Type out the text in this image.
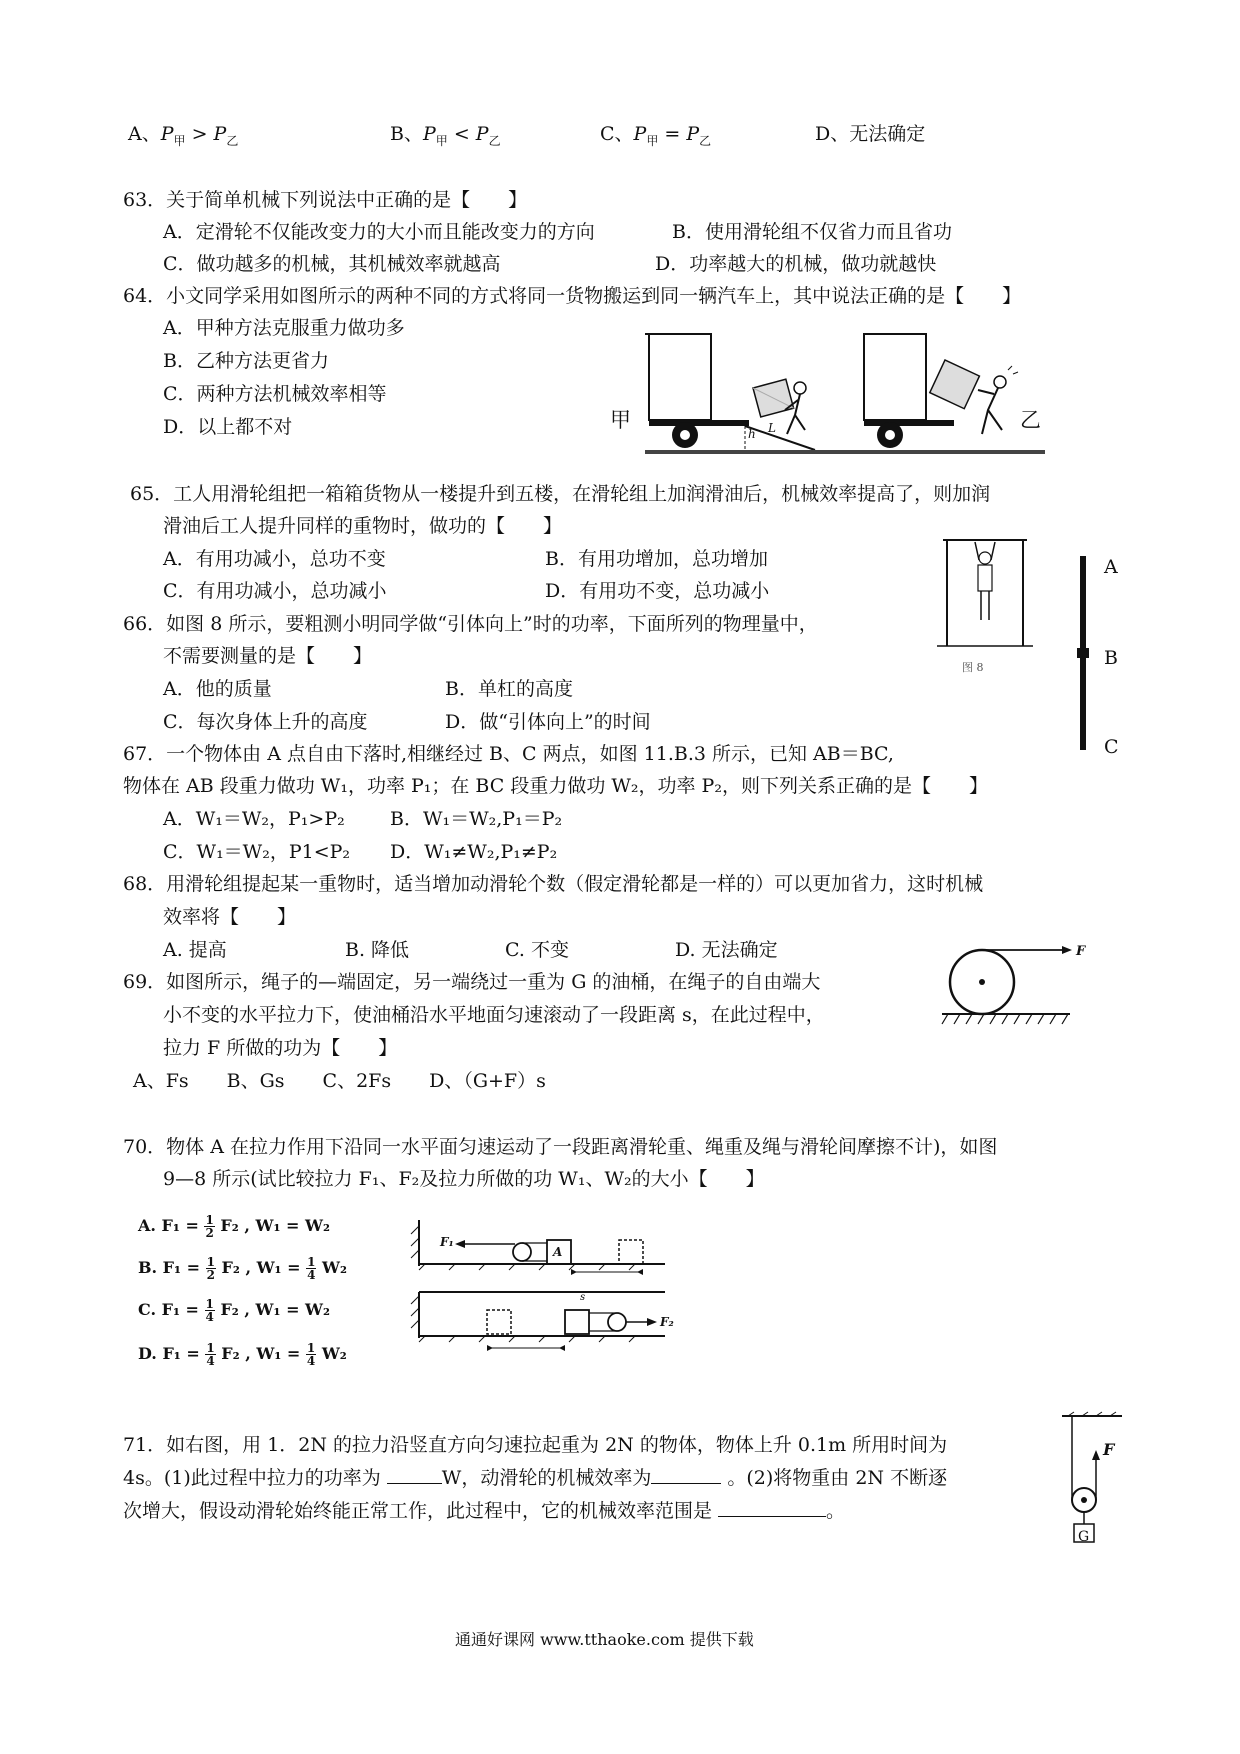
A、$P_甲 > P_乙$	B、$P_甲 < P_乙$	C、$P_甲 = P_乙$	D、无法确定
63．关于简单机械下列说法中正确的是【　　】
A．定滑轮不仅能改变力的大小而且能改变力的方向	B．使用滑轮组不仅省力而且省功
C．做功越多的机械，其机械效率就越高	D．功率越大的机械，做功就越快
64．小文同学采用如图所示的两种不同的方式将同一货物搬运到同一辆汽车上，其中说法正确的是【　　】
A．甲种方法克服重力做功多
B．乙种方法更省力
C．两种方法机械效率相等
D．以上都不对	甲	乙
h L
65．工人用滑轮组把一箱箱货物从一楼提升到五楼，在滑轮组上加润滑油后，机械效率提高了，则加润
滑油后工人提升同样的重物时，做功的【　　】
A．有用功减小，总功不变	B．有用功增加，总功增加
C．有用功减小，总功减小	D．有用功不变，总功减小
图 8
A
B
C
66．如图 8 所示，要粗测小明同学做“引体向上”时的功率，下面所列的物理量中，
不需要测量的是【　　】
A．他的质量	B．单杠的高度
C．每次身体上升的高度	D．做“引体向上”的时间
67．一个物体由 A 点自由下落时,相继经过 B、C 两点，如图 11.B.3 所示，已知 AB＝BC,
物体在 AB 段重力做功 W₁，功率 P₁；在 BC 段重力做功 W₂，功率 P₂，则下列关系正确的是【　　】
A．W₁＝W₂，P₁>P₂ B．W₁＝W₂,P₁＝P₂
C．W₁＝W₂，P1<P₂ D．W₁≠W₂,P₁≠P₂
68．用滑轮组提起某一重物时，适当增加动滑轮个数（假定滑轮都是一样的）可以更加省力，这时机械
效率将【　　】
A. 提高	B. 降低	C. 不变	D. 无法确定
69．如图所示，绳子的—端固定，另一端绕过一重为 G 的油桶，在绳子的自由端大
小不变的水平拉力下，使油桶沿水平地面匀速滚动了一段距离 s，在此过程中，
拉力 F 所做的功为【　　】
A、Fs　　B、Gs　　C、2Fs　　D、（G+F）s
F
70．物体 A 在拉力作用下沿同一水平面匀速运动了一段距离滑轮重、绳重及绳与滑轮间摩擦不计)，如图
9—8 所示(试比较拉力 F₁、F₂及拉力所做的功 W₁、W₂的大小【　　】
A. $F_1 = \frac{1}{2} F_2$ , W₁ = W₂
B. $F_1 = \frac{1}{2} F_2$ , $W_1 = \frac{1}{4} W_2$
C. $F_1 = \frac{1}{4} F_2$ , W₁ = W₂
D. $F_1 = \frac{1}{4} F_2$ , $W_1 = \frac{1}{4} W_2$
F₁
F₂
A
s
71．如右图，用 1．2N 的拉力沿竖直方向匀速拉起重为 2N 的物体，物体上升 0.1m 所用时间为
4s。(1)此过程中拉力的功率为	W，动滑轮的机械效率为	。(2)将物重由 2N 不断逐
次增大，假设动滑轮始终能正常工作，此过程中，它的机械效率范围是	。
F
G
通通好课网 www.tthaoke.com 提供下载
